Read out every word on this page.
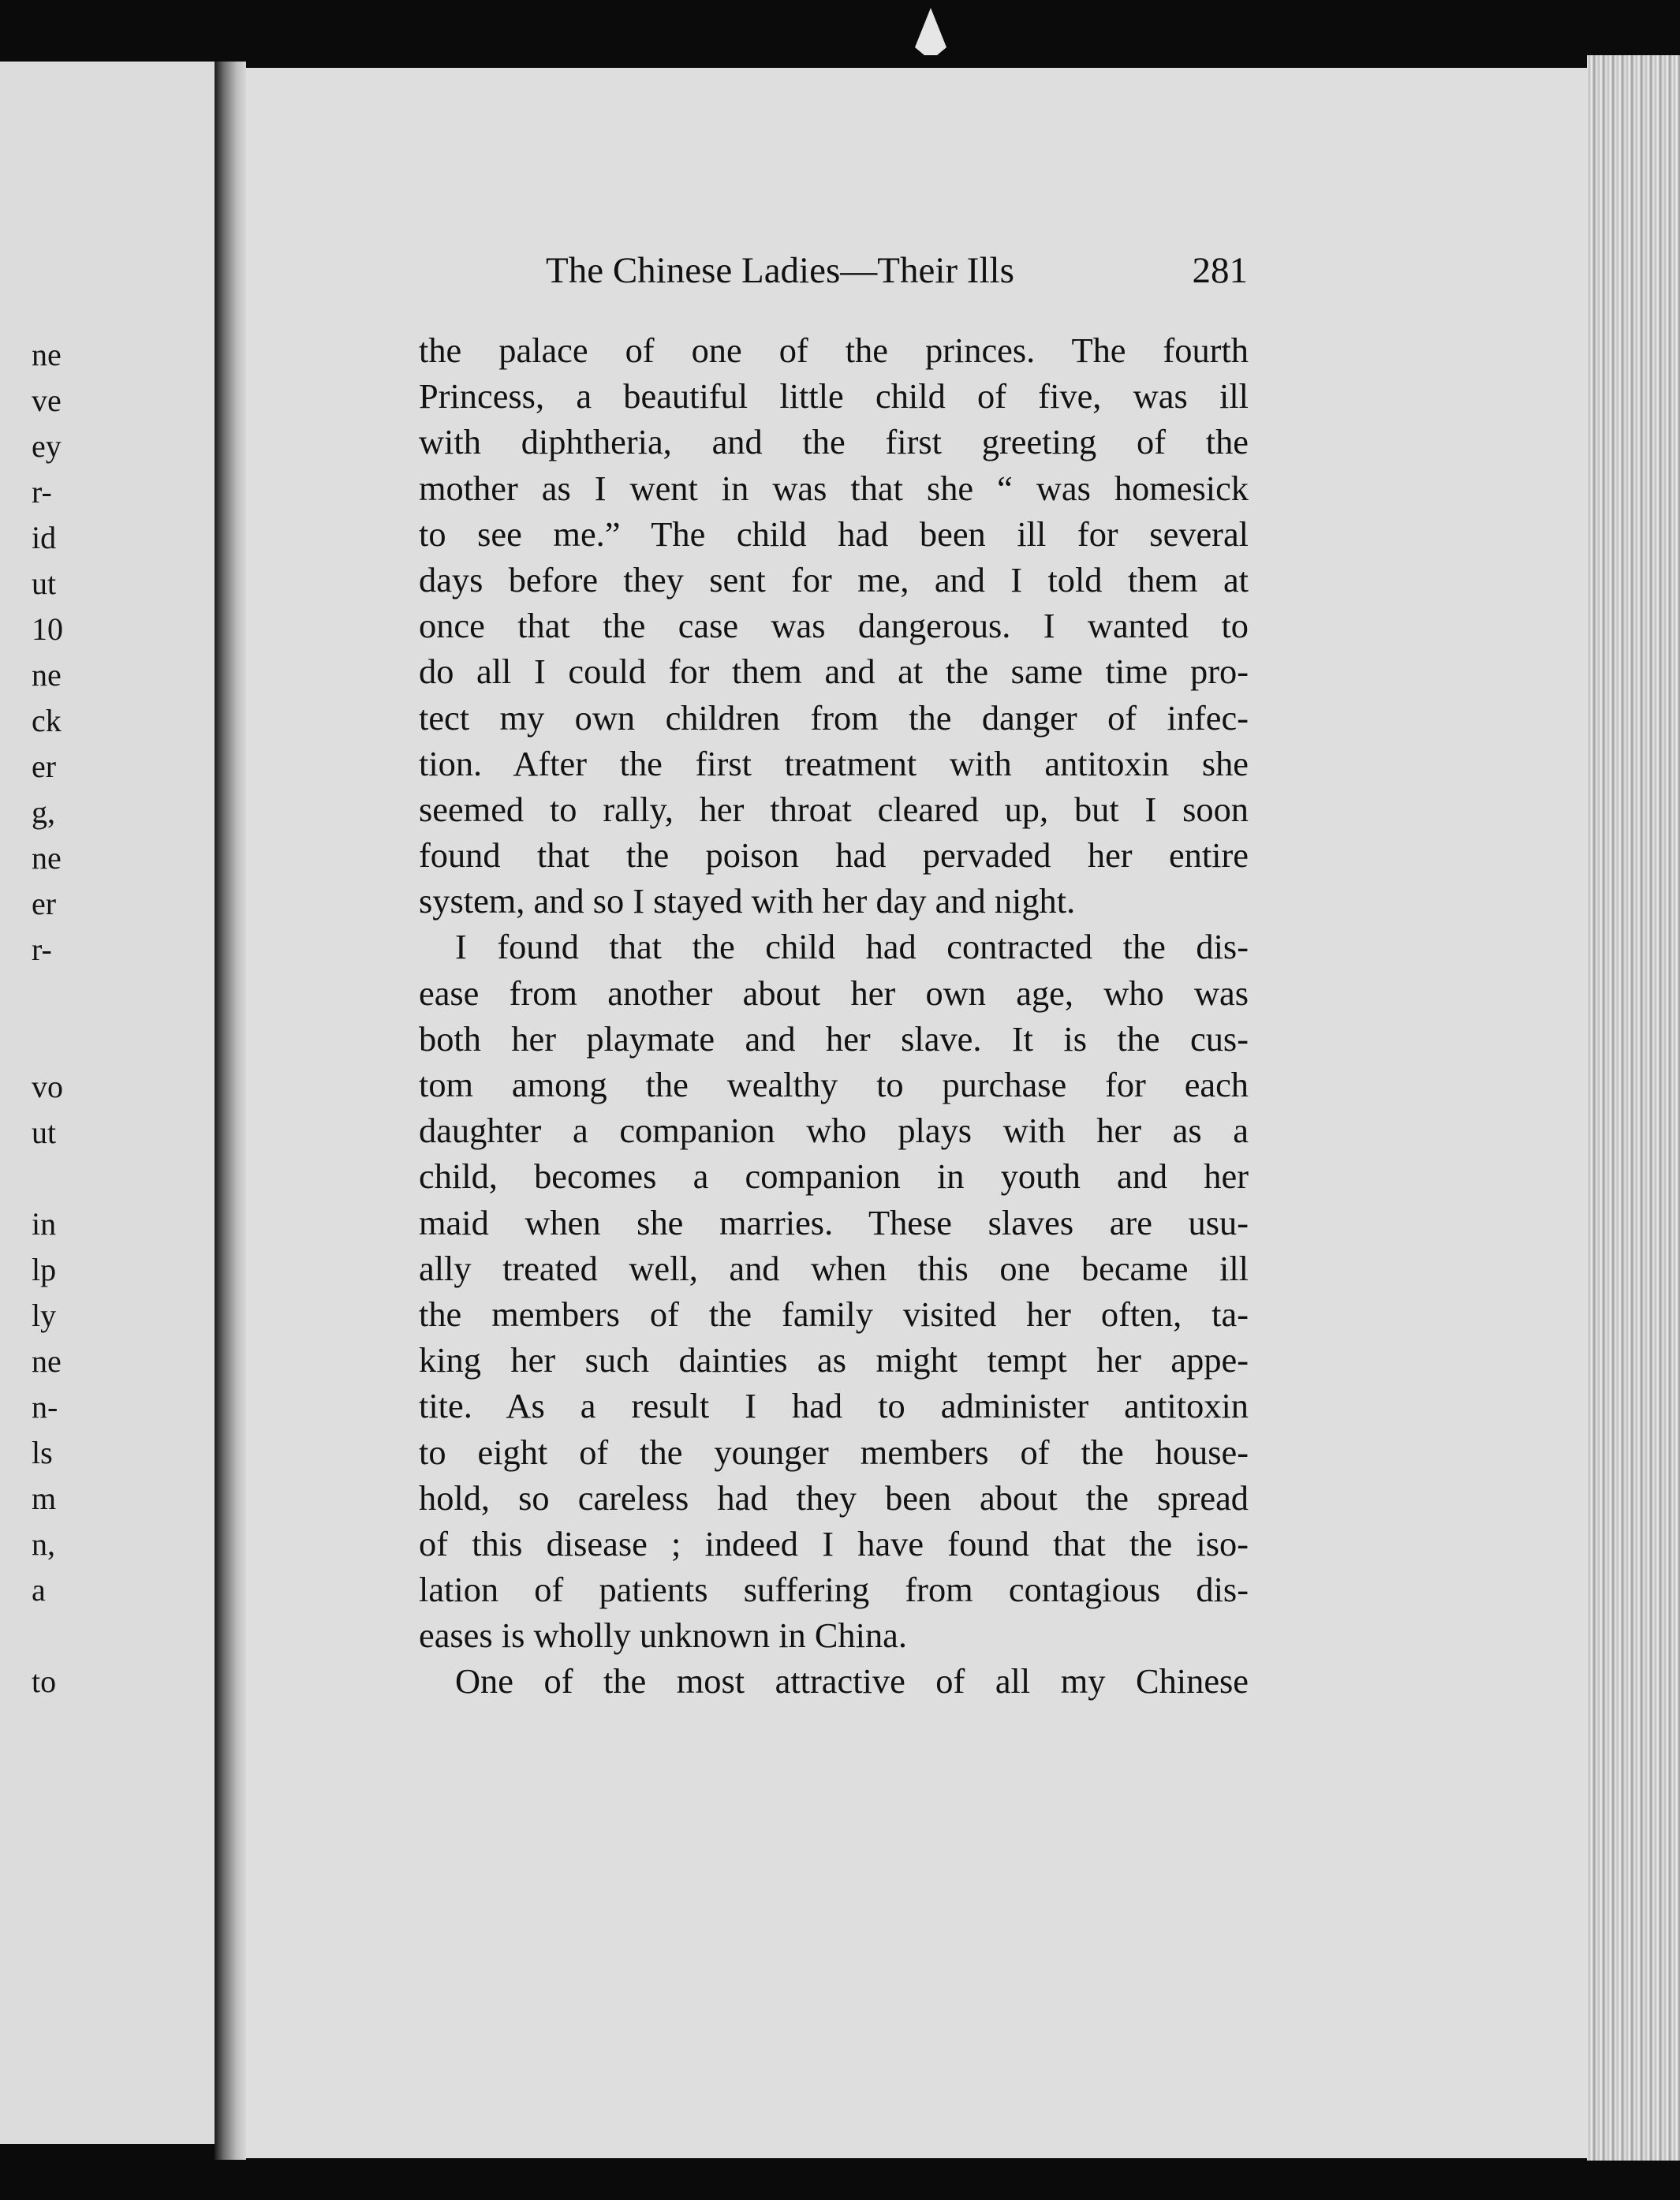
ne
ve
ey
r-
id
ut
10
ne
ck
er
g,
ne
er
r-
vo
ut
in
lp
ly
ne
n-
ls
m
n,
a
to
The Chinese Ladies—Their Ills	281
the palace of one of the princes. The fourth
Princess, a beautiful little child of five, was ill
with diphtheria, and the first greeting of the
mother as I went in was that she “ was homesick
to see me.” The child had been ill for several
days before they sent for me, and I told them at
once that the case was dangerous. I wanted to
do all I could for them and at the same time pro-
tect my own children from the danger of infec-
tion. After the first treatment with antitoxin she
seemed to rally, her throat cleared up, but I soon
found that the poison had pervaded her entire
system, and so I stayed with her day and night.
I found that the child had contracted the dis-
ease from another about her own age, who was
both her playmate and her slave. It is the cus-
tom among the wealthy to purchase for each
daughter a companion who plays with her as a
child, becomes a companion in youth and her
maid when she marries. These slaves are usu-
ally treated well, and when this one became ill
the members of the family visited her often, ta-
king her such dainties as might tempt her appe-
tite. As a result I had to administer antitoxin
to eight of the younger members of the house-
hold, so careless had they been about the spread
of this disease ; indeed I have found that the iso-
lation of patients suffering from contagious dis-
eases is wholly unknown in China.
One of the most attractive of all my Chinese
